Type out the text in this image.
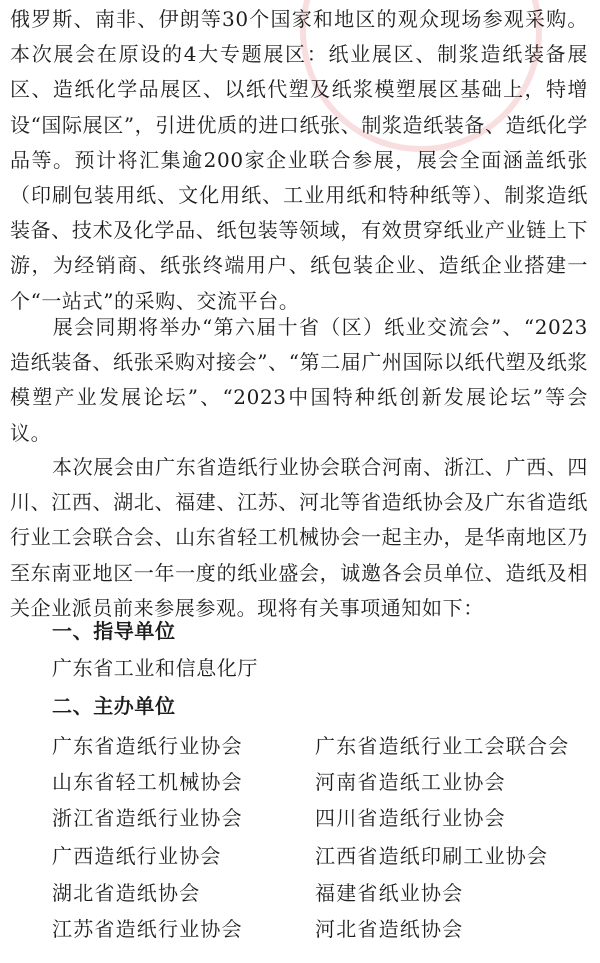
俄罗斯、南非、伊朗等30个国家和地区的观众现场参观采购。本次展会在原设的4大专题展区：纸业展区、制浆造纸装备展区、造纸化学品展区、以纸代塑及纸浆模塑展区基础上，特增设“国际展区”，引进优质的进口纸张、制浆造纸装备、造纸化学品等。预计将汇集逾200家企业联合参展，展会全面涵盖纸张（印刷包装用纸、文化用纸、工业用纸和特种纸等）、制浆造纸装备、技术及化学品、纸包装等领域，有效贯穿纸业产业链上下游，为经销商、纸张终端用户、纸包装企业、造纸企业搭建一个“一站式”的采购、交流平台。

展会同期将举办“第六届十省（区）纸业交流会”、“2023造纸装备、纸张采购对接会”、“第二届广州国际以纸代塑及纸浆模塑产业发展论坛”、“2023中国特种纸创新发展论坛”等会议。

本次展会由广东省造纸行业协会联合河南、浙江、广西、四川、江西、湖北、福建、江苏、河北等省造纸协会及广东省造纸行业工会联合会、山东省轻工机械协会一起主办，是华南地区乃至东南亚地区一年一度的纸业盛会，诚邀各会员单位、造纸及相关企业派员前来参展参观。现将有关事项通知如下：

一、指导单位

广东省工业和信息化厅

二、主办单位

广东省造纸行业协会	广东省造纸行业工会联合会

山东省轻工机械协会	河南省造纸工业协会

浙江省造纸行业协会	四川省造纸行业协会

广西造纸行业协会	江西省造纸印刷工业协会

湖北省造纸协会	福建省纸业协会

江苏省造纸行业协会	河北省造纸协会
